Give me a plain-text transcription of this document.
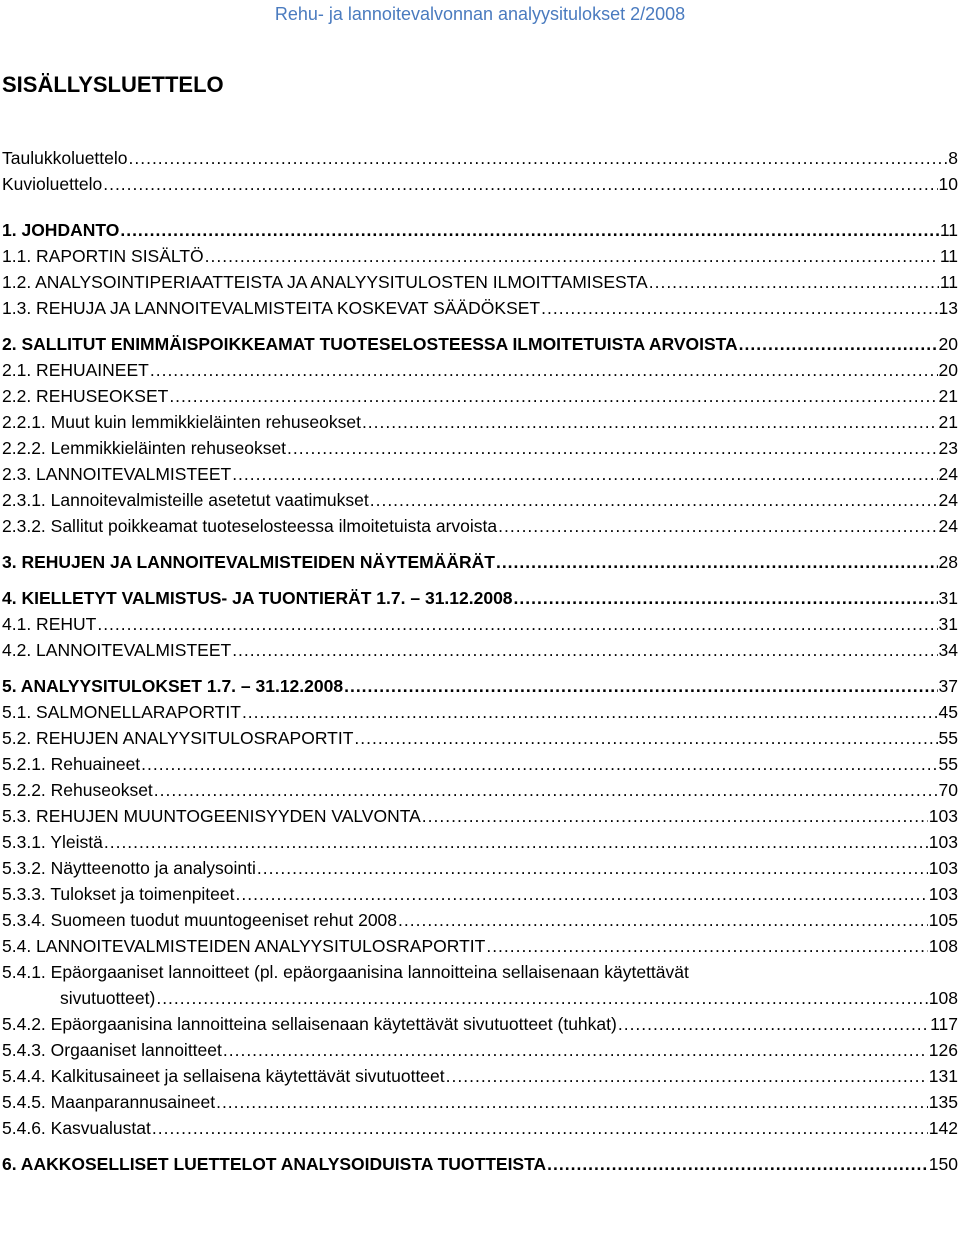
Rehu- ja lannoitevalvonnan analyysitulokset 2/2008
SISÄLLYSLUETTELO
Taulukkoluettelo .....	8
Kuvioluettelo .....	10
1. JOHDANTO .....	11
1.1. RAPORTIN SISÄLTÖ .....	11
1.2. ANALYSOINTIPERIAATTEISTA JA ANALYYSITULOSTEN ILMOITTAMISESTA .....	11
1.3. REHUJA JA LANNOITEVALMISTEITA KOSKEVAT SÄÄDÖKSET .....	13
2. SALLITUT ENIMMÄISPOIKKEAMAT TUOTESELOSTEESSA ILMOITETUISTA ARVOISTA .....	20
2.1. REHUAINEET .....	20
2.2. REHUSEOKSET .....	21
2.2.1. Muut kuin lemmikkieläinten rehuseokset .....	21
2.2.2. Lemmikkieläinten rehuseokset .....	23
2.3. LANNOITEVALMISTEET .....	24
2.3.1. Lannoitevalmisteille asetetut vaatimukset .....	24
2.3.2. Sallitut poikkeamat tuoteselosteessa ilmoitetuista arvoista .....	24
3. REHUJEN JA LANNOITEVALMISTEIDEN NÄYTEMÄÄRÄT .....	28
4. KIELLETYT VALMISTUS- JA TUONTIERÄT 1.7. – 31.12.2008 .....	31
4.1. REHUT .....	31
4.2. LANNOITEVALMISTEET .....	34
5. ANALYYSITULOKSET 1.7. – 31.12.2008 .....	37
5.1. SALMONELLARAPORTIT .....	45
5.2. REHUJEN ANALYYSITULOSRAPORTIT .....	55
5.2.1. Rehuaineet .....	55
5.2.2. Rehuseokset .....	70
5.3. REHUJEN MUUNTOGEENISYYDEN VALVONTA .....	103
5.3.1. Yleistä .....	103
5.3.2. Näytteenotto ja analysointi .....	103
5.3.3. Tulokset ja toimenpiteet .....	103
5.3.4. Suomeen tuodut muuntogeeniset rehut 2008 .....	105
5.4. LANNOITEVALMISTEIDEN ANALYYSITULOSRAPORTIT .....	108
5.4.1. Epäorgaaniset lannoitteet (pl. epäorgaanisina lannoitteina sellaisenaan käytettävät
sivutuotteet) .....	108
5.4.2. Epäorgaanisina lannoitteina sellaisenaan käytettävät sivutuotteet (tuhkat) .....	117
5.4.3. Orgaaniset lannoitteet .....	126
5.4.4. Kalkitusaineet ja sellaisena käytettävät sivutuotteet .....	131
5.4.5. Maanparannusaineet .....	135
5.4.6. Kasvualustat .....	142
6. AAKKOSELLISET LUETTELOT ANALYSOIDUISTA TUOTTEISTA .....	150
